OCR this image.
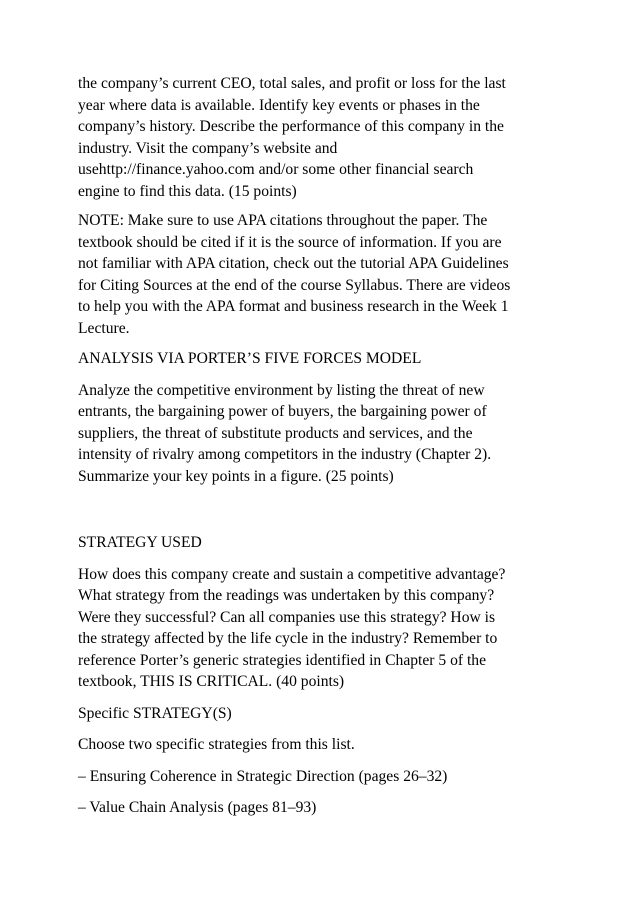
the company’s current CEO, total sales, and profit or loss for the last
year where data is available. Identify key events or phases in the
company’s history. Describe the performance of this company in the
industry. Visit the company’s website and
usehttp://finance.yahoo.com and/or some other financial search
engine to find this data. (15 points)

NOTE: Make sure to use APA citations throughout the paper. The
textbook should be cited if it is the source of information. If you are
not familiar with APA citation, check out the tutorial APA Guidelines
for Citing Sources at the end of the course Syllabus. There are videos
to help you with the APA format and business research in the Week 1
Lecture.

ANALYSIS VIA PORTER’S FIVE FORCES MODEL

Analyze the competitive environment by listing the threat of new
entrants, the bargaining power of buyers, the bargaining power of
suppliers, the threat of substitute products and services, and the
intensity of rivalry among competitors in the industry (Chapter 2).
Summarize your key points in a figure. (25 points)

STRATEGY USED

How does this company create and sustain a competitive advantage?
What strategy from the readings was undertaken by this company?
Were they successful? Can all companies use this strategy? How is
the strategy affected by the life cycle in the industry? Remember to
reference Porter’s generic strategies identified in Chapter 5 of the
textbook, THIS IS CRITICAL. (40 points)

Specific STRATEGY(S)

Choose two specific strategies from this list.

– Ensuring Coherence in Strategic Direction (pages 26–32)

– Value Chain Analysis (pages 81–93)
